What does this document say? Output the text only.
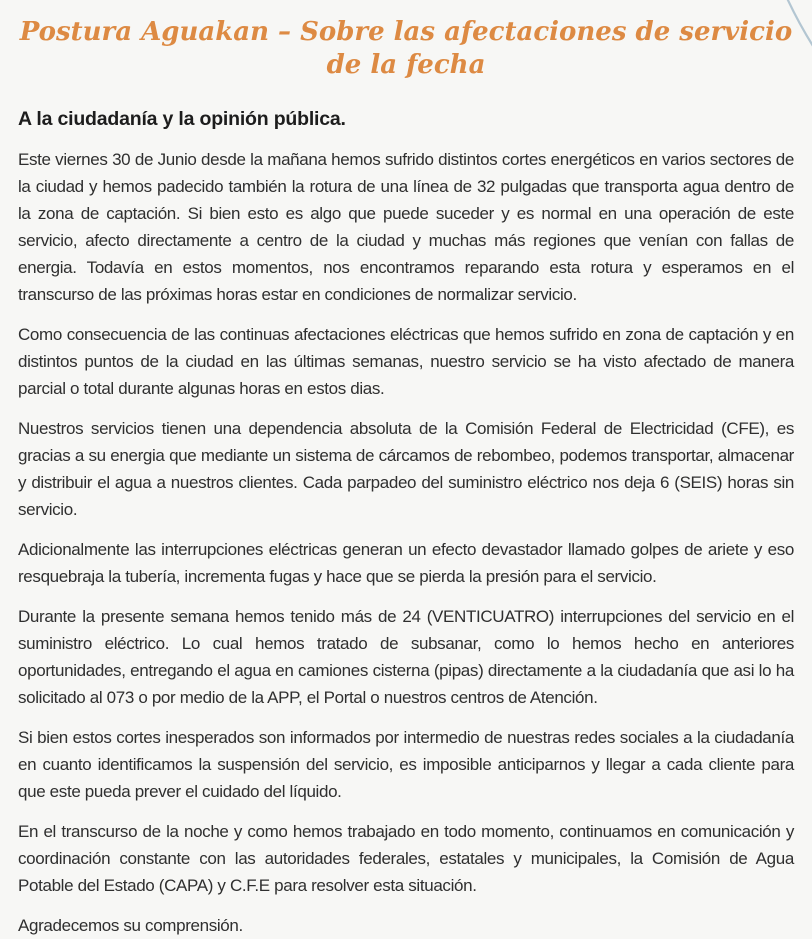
Postura Aguakan – Sobre las afectaciones de servicio de la fecha
A la ciudadanía y la opinión pública.

Este viernes 30 de Junio desde la mañana hemos sufrido distintos cortes energéticos en varios sectores de la ciudad y hemos padecido también la rotura de una línea de 32 pulgadas que transporta agua dentro de la zona de captación. Si bien esto es algo que puede suceder y es normal en una operación de este servicio, afecto directamente a centro de la ciudad y muchas más regiones que venían con fallas de energia. Todavía en estos momentos, nos encontramos reparando esta rotura y esperamos en el transcurso de las próximas horas estar en condiciones de normalizar servicio.

Como consecuencia de las continuas afectaciones eléctricas que hemos sufrido en zona de captación y en distintos puntos de la ciudad en las últimas semanas, nuestro servicio se ha visto afectado de manera parcial o total durante algunas horas en estos dias.

Nuestros servicios tienen una dependencia absoluta de la Comisión Federal de Electricidad (CFE), es gracias a su energia que mediante un sistema de cárcamos de rebombeo, podemos transportar, almacenar y distribuir el agua a nuestros clientes. Cada parpadeo del suministro eléctrico nos deja 6 (SEIS) horas sin servicio.

Adicionalmente las interrupciones eléctricas generan un efecto devastador llamado golpes de ariete y eso resquebraja la tubería, incrementa fugas y hace que se pierda la presión para el servicio.

Durante la presente semana hemos tenido más de 24 (VENTICUATRO) interrupciones del servicio en el suministro eléctrico. Lo cual hemos tratado de subsanar, como lo hemos hecho en anteriores oportunidades, entregando el agua en camiones cisterna (pipas) directamente a la ciudadanía que asi lo ha solicitado al 073 o por medio de la APP, el Portal o nuestros centros de Atención.

Si bien estos cortes inesperados son informados por intermedio de nuestras redes sociales a la ciudadanía en cuanto identificamos la suspensión del servicio, es imposible anticiparnos y llegar a cada cliente para que este pueda prever el cuidado del líquido.

En el transcurso de la noche y como hemos trabajado en todo momento, continuamos en comunicación y coordinación constante con las autoridades federales, estatales y municipales, la Comisión de Agua Potable del Estado (CAPA) y C.F.E para resolver esta situación.

Agradecemos su comprensión.
